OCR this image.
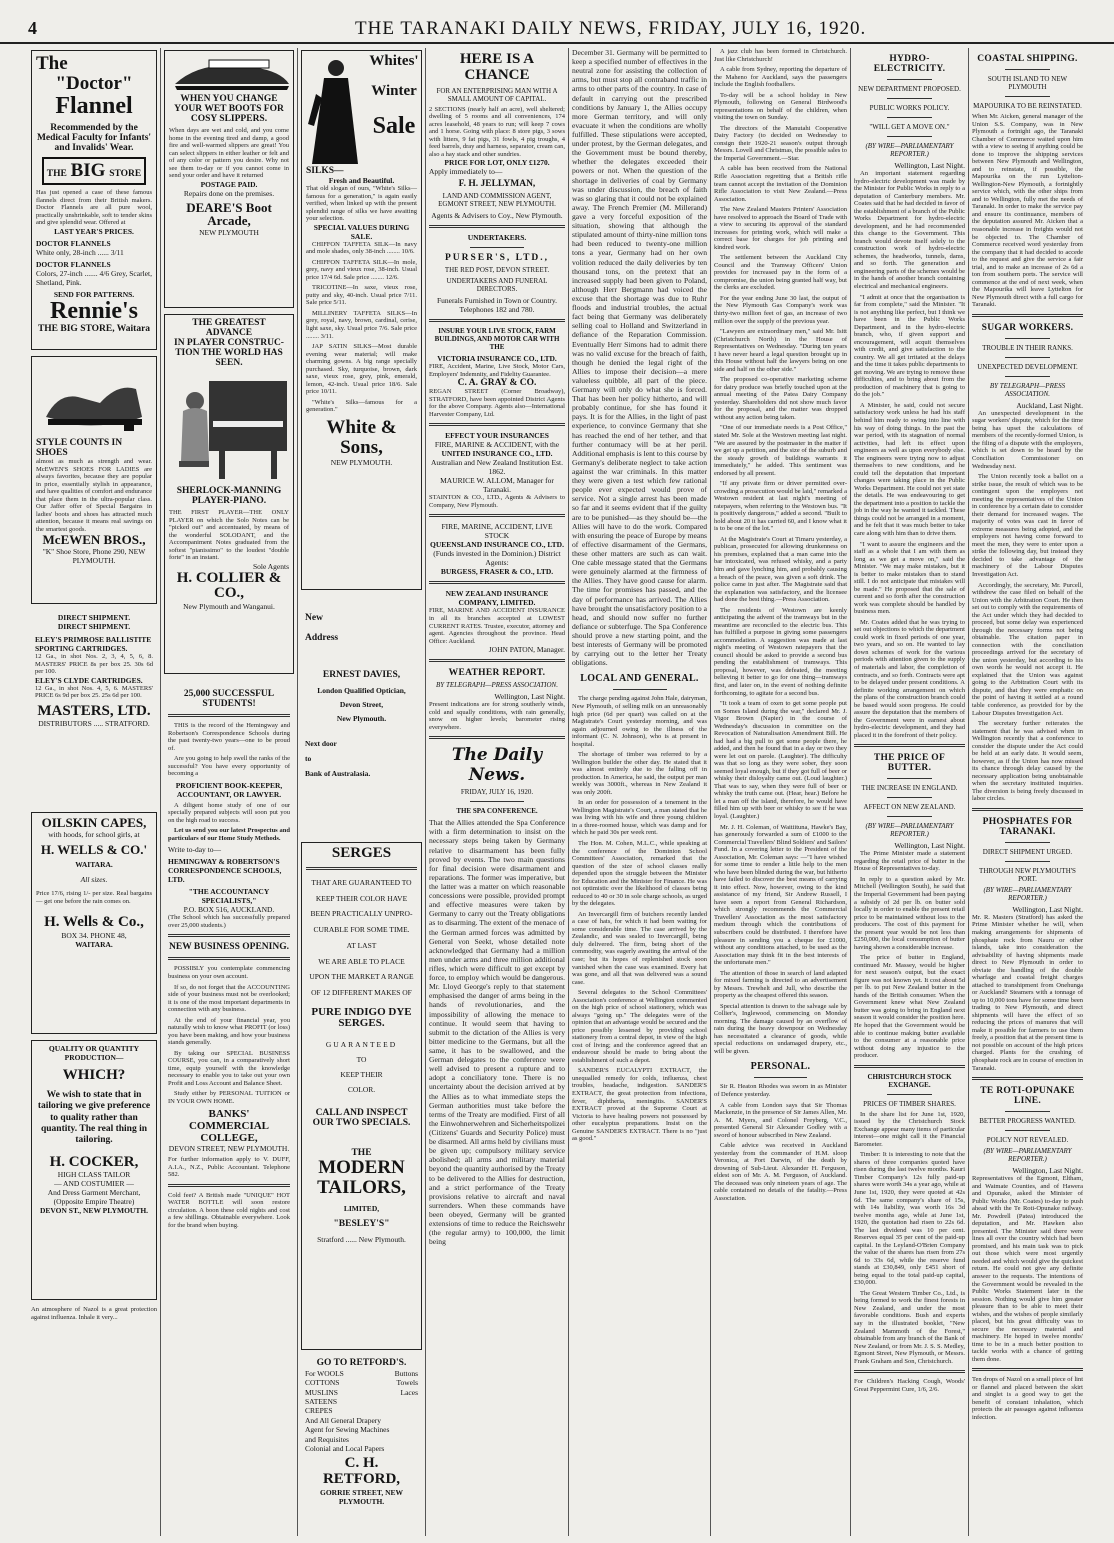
4	THE TARANAKI DAILY NEWS, FRIDAY, JULY 16, 1920.
The
"Doctor"
Flannel
Recommended by the Medical Faculty for Infants' and Invalids' Wear.
THE BIG STORE
Has just opened a case of these famous flannels direct from their British makers. Doctor Flannels are all pure wool, practically unshrinkable, soft to tender skins and give splendid wear. Offered at
LAST YEAR'S PRICES.
DOCTOR FLANNELS
White only, 28-inch ...... 3/11
DOCTOR FLANNELS
Colors, 27-inch ....... 4/6 Grey, Scarlet, Shetland, Pink.
SEND FOR PATTERNS.
Rennie's
THE BIG STORE, Waitara
STYLE COUNTS IN SHOES
almost as much as strength and wear. McEWEN'S SHOES FOR LADIES are always favorites, because they are popular in price, essentially stylish in appearance, and have qualities of comfort and endurance that place them in the ultra-popular class. Our Jaffer offer of Special Bargains in ladies' boots and shoes has attracted much attention, because it means real savings on the smartest goods.
McEWEN BROS.,
"K" Shoe Store, Phone 290, NEW PLYMOUTH.
DIRECT SHIPMENT.
DIRECT SHIPMENT.
ELEY'S PRIMROSE BALLISTITE SPORTING CARTRIDGES.
12 Ga., in shot Nos. 2, 3, 4, 5, 6, 8. MASTERS' PRICE 8s per box 25. 30s 6d per 100.
ELEY'S CLYDE CARTRIDGES.
12 Ga., in shot Nos. 4, 5, 6. MASTERS' PRICE 6s 9d per box 25. 25s 6d per 100.
MASTERS, LTD.
DISTRIBUTORS ..... STRATFORD.
OILSKIN CAPES,
with hoods, for school girls, at
H. WELLS & CO.'
WAITARA.
All sizes.
Price 17/6, rising 1/- per size. Real bargains — get one before the rain comes on.
H. Wells & Co.,
BOX 34. PHONE 48,
WAITARA.
QUALITY OR QUANTITY
PRODUCTION—
WHICH?
We wish to state that in tailoring we give preference to quality rather than quantity. The real thing in tailoring.
H. COCKER,
HIGH CLASS TAILOR
— AND COSTUMIER —
And Dress Garment Merchant, (Opposite Empire Theatre)
DEVON ST., NEW PLYMOUTH.
An atmosphere of Nazol is a great protection against influenza. Inhale it very...
WHEN YOU CHANGE
YOUR WET BOOTS FOR
COSY SLIPPERS.
When days are wet and cold, and you come home in the evening tired and damp, a good fire and well-warmed slippers are great! You can select slippers in either leather or felt and of any color or pattern you desire. Why not see them to-day or if you cannot come in send your order and have it returned
POSTAGE PAID.
Repairs done on the premises.
DEARE'S Boot Arcade,
NEW PLYMOUTH
THE GREATEST ADVANCE
IN PLAYER CONSTRUC-
TION THE WORLD HAS
SEEN.
SHERLOCK-MANNING PLAYER-PIANO.
THE FIRST PLAYER—THE ONLY PLAYER on which the Solo Notes can be "picked out" and accentuated, by means of the wonderful SOLODANT, and the Accompaniment Notes graduated from the softest "pianissimo" to the loudest "double forte" in an instant.
Sole Agents
H. COLLIER & CO.,
New Plymouth and Wanganui.
25,000 SUCCESSFUL
STUDENTS!

THIS is the record of the Hemingway and Robertson's Correspondence Schools during the past twenty-two years—one to be proud of.

Are you going to help swell the ranks of the successful? You have every opportunity of becoming a

PROFICIENT BOOK-KEEPER, ACCOUNTANT, OR LAWYER.

A diligent home study of one of our specially prepared subjects will soon put you on the high road to success.

Let us send you our latest Prospectus and particulars of our Home Study Methods.

Write to-day to—
HEMINGWAY & ROBERTSON'S CORRESPONDENCE SCHOOLS, LTD.
"THE ACCOUNTANCY SPECIALISTS,"
P.O. BOX 516, AUCKLAND.
(The School which has successfully prepared over 25,000 students.)
NEW BUSINESS OPENING.

POSSIBLY you contemplate commencing business on your own account.

If so, do not forget that the ACCOUNTING side of your business must not be overlooked; it is one of the most important departments in connection with any business.

At the end of your financial year, you naturally wish to know what PROFIT (or loss) you have been making, and how your business stands generally.

By taking our SPECIAL BUSINESS COURSE, you can, in a comparatively short time, equip yourself with the knowledge necessary to enable you to take out your own Profit and Loss Account and Balance Sheet.

Study either by PERSONAL TUITION or IN YOUR OWN HOME.

BANKS' COMMERCIAL COLLEGE,
DEVON STREET, NEW PLYMOUTH.
For further information apply to V. DUFF, A.I.A., N.Z., Public Accountant. Telephone 582.
Cold feet? A British made "UNIQUE" HOT WATER BOTTLE will soon restore circulation. A boon these cold nights and cost a few shillings. Obtainable everywhere. Look for the brand when buying.
Whites'
Winter
Sale
SILKS—
Fresh and Beautiful.
That old slogan of ours, "White's Silks—famous for a generation," is again easily verified, when linked up with the present splendid range of silks we have awaiting your selection.
SPECIAL VALUES DURING SALE.

CHIFFON TAFFETA SILK—In navy and mole shades, only 38-inch ........ 10/6.

CHIFFON TAFFETA SILK—In mole, grey, navy and vieux rose, 38-inch. Usual price 17/4 6d. Sale price ........ 12/6.

TRICOTINE—In saxe, vieux rose, putty and sky, 40-inch. Usual price 7/11. Sale price 5/11.

MILLINERY TAFFETA SILKS—In grey, royal, navy, brown, cardinal, cerise, light saxe, sky. Usual price 7/6. Sale price ........ 3/11.

JAP SATIN SILKS—Most durable evening wear material; will make charming gowns. A big range specially purchased. Sky, turquoise, brown, dark saxe, vieux rose, grey, pink, emerald, lemon, 42-inch. Usual price 18/6. Sale price 10/11.

"White's Silks—famous for a generation."

White & Sons,
NEW PLYMOUTH.
New
Address
ERNEST DAVIES,
London Qualified Optician,
Devon Street,
New Plymouth.
Next door
to
Bank of Australasia.
SERGES
THAT ARE GUARANTEED TO
KEEP THEIR COLOR HAVE
BEEN PRACTICALLY UNPRO-
CURABLE FOR SOME TIME.
AT LAST
WE ARE ABLE TO PLACE
UPON THE MARKET A RANGE
OF 12 DIFFERENT MAKES OF
PURE INDIGO DYE SERGES.
GUARANTEED
TO
KEEP THEIR
COLOR.
CALL AND INSPECT OUR TWO SPECIALS.
THE
MODERN
TAILORS,
LIMITED,
"BESLEY'S"
Stratford ...... New Plymouth.
GO TO RETFORD'S.
For WOOLS
COTTONS
MUSLINS
SATEENS
CREPES
And All General Drapery
Agent for Sewing Machines and Requisites
Colonial and Local Papers
Buttons
Towels
Laces
C. H. RETFORD,
GORRIE STREET, NEW PLYMOUTH.
HERE IS A CHANCE
FOR AN ENTERPRISING MAN WITH A SMALL AMOUNT OF CAPITAL.
2 SECTIONS (nearly half an acre), well sheltered; dwelling of 5 rooms and all conveniences, 174 acres leasehold, 48 years to run; will keep 7 cows and 1 horse. Going with place: 8 store pigs, 3 sows with litters, 9 fat pigs, 31 fowls, 4 pig troughs, 4 feed barrels, dray and harness, separator, cream can, also a hay stack and other sundries.
PRICE FOR LOT, ONLY £1270.
Apply immediately to—
F. H. JELLYMAN,
LAND AND COMMISSION AGENT, EGMONT STREET, NEW PLYMOUTH.
Agents & Advisers to Coy., New Plymouth.
UNDERTAKERS.
PURSER'S, LTD.,
THE RED POST, DEVON STREET.
UNDERTAKERS AND FUNERAL DIRECTORS.
Funerals Furnished in Town or Country. Telephones 182 and 780.
INSURE YOUR LIVE STOCK, FARM BUILDINGS, AND MOTOR CAR WITH THE
VICTORIA INSURANCE CO., LTD.
FIRE, Accident, Marine, Live Stock, Motor Cars, Employers' Indemnity, and Fidelity Guarantee.
C. A. GRAY & CO.
REGAN STREET (Corner Broadway), STRATFORD, have been appointed District Agents for the above Company. Agents also—International Harvester Company, Ltd.
EFFECT YOUR INSURANCES
FIRE, MARINE & ACCIDENT, with the
UNITED INSURANCE CO., LTD.
Australian and New Zealand Institution Est. 1862.
MAURICE W. ALLOM, Manager for Taranaki.
STAINTON & CO., LTD., Agents & Advisers to Company, New Plymouth.
FIRE, MARINE, ACCIDENT, LIVE STOCK
QUEENSLAND INSURANCE CO., LTD.
(Funds invested in the Dominion.) District Agents:
BURGESS, FRASER & CO., LTD.
NEW ZEALAND INSURANCE COMPANY, LIMITED.
FIRE, MARINE AND ACCIDENT INSURANCE in all its branches accepted at LOWEST CURRENT RATES. Trustee, executor, attorney and agent. Agencies throughout the province. Head Office: Auckland.
JOHN PATON, Manager.
WEATHER REPORT.
BY TELEGRAPH—PRESS ASSOCIATION.
Wellington, Last Night.
Present indications are for strong southerly winds, cold and squally conditions, with rain generally, snow on higher levels; barometer rising everywhere.
The Daily News.
FRIDAY, JULY 16, 1920.
THE SPA CONFERENCE.
That the Allies attended the Spa Conference with a firm determination to insist on the necessary steps being taken by Germany relative to disarmament has been fully proved by events. The two main questions for final decision were disarmament and reparations. The former was imperative, but the latter was a matter on which reasonable concessions were possible, provided prompt and effective measures were taken by Germany to carry out the Treaty obligations as to disarming. The extent of the menace of the German armed forces was admitted by General von Seekt, whose detailed note acknowledged that Germany had a million men under arms and three million additional rifles, which were difficult to get except by force, to employ which would be dangerous. Mr. Lloyd George's reply to that statement emphasised the danger of arms being in the hands of revolutionaries, and the impossibility of allowing the menace to continue. It would seem that having to submit to the dictation of the Allies is very bitter medicine to the Germans, but all the same, it has to be swallowed, and the German delegates to the conference were well advised to present a rupture and to adopt a conciliatory tone. There is no uncertainty about the decision arrived at by the Allies as to what immediate steps the German authorities must take before the terms of the Treaty are modified. First of all the Einwohnerwehren and Sicherheitspolizei (Citizens' Guards and Security Police) must be disarmed. All arms held by civilians must be given up; compulsory military service abolished; all arms and military material beyond the quantity authorised by the Treaty to be delivered to the Allies for destruction, and a strict performance of the Treaty provisions relative to aircraft and naval surrenders. When these commands have been obeyed, Germany will be granted extensions of time to reduce the Reichswehr (the regular army) to 100,000, the limit being
December 31. Germany will be permitted to keep a specified number of effectives in the neutral zone for assisting the collection of arms, but must stop all contraband traffic in arms to other parts of the country. In case of default in carrying out the prescribed conditions by January 1, the Allies occupy more German territory, and will only evacuate it when the conditions are wholly fulfilled. These stipulations were accepted, under protest, by the German delegates, and the Government must be bound thereby, whether the delegates exceeded their powers or not. When the question of the shortage in deliveries of coal by Germany was under discussion, the breach of faith was so glaring that it could not be explained away. The French Premier (M. Millerand) gave a very forceful exposition of the situation, showing that although the stipulated amount of thirty-nine million tons had been reduced to twenty-one million tons a year, Germany had on her own volition reduced the daily deliveries by ten thousand tons, on the pretext that an increased supply had been given to Poland, although Herr Bergmann had voiced the excuse that the shortage was due to Ruhr floods and industrial troubles, the actual fact being that Germany was deliberately selling coal to Holland and Switzerland in defiance of the Reparation Commission. Eventually Herr Simons had to admit there was no valid excuse for the breach of faith, though he denied the legal right of the Allies to impose their decision—a mere valueless quibble, all part of the piece. Germany will only do what she is forced. That has been her policy hitherto, and will probably continue, for she has found it pays. It is for the Allies, in the light of past experience, to convince Germany that she has reached the end of her tether, and that further contumacy will be at her peril. Additional emphasis is lent to this course by Germany's deliberate neglect to take action against the war criminals. In this matter they were given a test which few rational people ever expected would prove of service. Not a single arrest has been made so far and it seems evident that if the guilty are to be punished—as they should be—the Allies will have to do the work. Compared with ensuring the peace of Europe by means of effective disarmament of the Germans, these other matters are such as can wait. One cable message stated that the Germans were genuinely alarmed at the firmness of the Allies. They have good cause for alarm. The time for promises has passed, and the day of performance has arrived. The Allies have brought the unsatisfactory position to a head, and should now suffer no further defiance or subterfuge. The Spa Conference should prove a new starting point, and the best interests of Germany will be promoted by carrying out to the letter her Treaty obligations.
LOCAL AND GENERAL.

The charge pending against John Hale, dairyman, New Plymouth, of selling milk on an unreasonably high price (6d per quart) was called on at the Magistrate's Court yesterday morning, and was again adjourned owing to the illness of the informant (C. N. Johnson), who is at present in hospital.

The shortage of timber was referred to by a Wellington builder the other day. He stated that it was almost entirely due to the falling off in production. In America, he said, the output per man weekly was 3000ft., whereas in New Zealand it was only 200ft.

In an order for possession of a tenement in the Wellington Magistrate's Court, a man stated that he was living with his wife and three young children in a three-roomed house, which was damp and for which he paid 30s per week rent.

The Hon. M. Cohen, M.L.C., while speaking at the conference of the Dominion School Committees' Association, remarked that the question of the size of school classes really depended upon the struggle between the Minister for Education and the Minister for Finance. He was not optimistic over the likelihood of classes being reduced to 40 or 30 in sole charge schools, as urged by the delegates.

An Invercargill firm of butchers recently landed a case of hats, for which it had been waiting for some considerable time. The case arrived by the Zealandic, and was sealed to Invercargill, being duly delivered. The firm, being short of the commodity, was eagerly awaiting the arrival of the case; but its hopes of replenished stock soon vanished when the case was examined. Every hat was gone, and all that was delivered was a sound case.

Several delegates to the School Committees' Association's conference at Wellington commented on the high price of school stationery, which was always "going up." The delegates were of the opinion that an advantage would be secured and the price possibly lessened by providing school stationery from a central depot, in view of the high cost of living; and the conference agreed that an endeavour should be made to bring about the establishment of such a depot.

SANDER'S EUCALYPTI EXTRACT, the unequalled remedy for colds, influenza, chest troubles, headache, indigestion. SANDER'S EXTRACT, the great protection from infections, fever, diphtheria, meningitis. SANDER'S EXTRACT proved at the Supreme Court at Victoria to have healing powers not possessed by other eucalyptus preparations. Insist on the Genuine SANDER'S EXTRACT. There is no "just as good."

A jazz club has been formed in Christchurch. Just like Christchurch!

A cable from Sydney, reporting the departure of the Maheno for Auckland, says the passengers include the English footballers.

To-day will be a school holiday in New Plymouth, following on General Birdwood's representations on behalf of the children, when visiting the town on Sunday.

The directors of the Manutahi Cooperative Dairy Factory (to decided on Wednesday to consign their 1920-21 season's output through Messrs. Lovell and Christmas, the possible sales to the Imperial Government.—Star.

A cable has been received from the National Rifle Association regretting that a British rifle team cannot accept the invitation of the Dominion Rifle Association to visit New Zealand.—Press Association.

The New Zealand Masters Printers' Association have resolved to approach the Board of Trade with a view to securing its approval of the standard increases for printing work, which will make a correct base for charges for job printing and kindred work.

The settlement between the Auckland City Council and the Tramway Officers' Union provides for increased pay in the form of a compromise, the union being granted half way, but the clerks are excluded.

For the year ending June 30 last, the output of the New Plymouth Gas Company's work was thirty-two million feet of gas, an increase of two million over the supply of the previous year.

"Lawyers are extraordinary men," said Mr. Isitt (Christchurch North) in the House of Representatives on Wednesday. "During ten years I have never heard a legal question brought up in this House without half the lawyers being on one side and half on the other side."

The proposed co-operative marketing scheme for dairy produce was briefly touched upon at the annual meeting of the Patea Dairy Company yesterday. Shareholders did not show much favor for the proposal, and the matter was dropped without any action being taken.

"One of our immediate needs is a Post Office," stated Mr. Sole at the Westown meeting last night. "We are assured by the postmaster in the matter if we get up a petition, and the size of the suburb and the steady growth of buildings warrants it immediately," he added. This sentiment was endorsed by all present.

"If any private firm or driver permitted over-crowding a prosecution would be laid," remarked a Westown resident at last night's meeting of ratepayers, when referring to the Westown bus. "It is positively dangerous," added a second. "Built to hold about 20 it has carried 60, and I know what it is to be one of the lot."

At the Magistrate's Court at Timaru yesterday, a publican, prosecuted for allowing drunkenness on his premises, explained that a man came into the bar intoxicated, was refused whisky, and a party him and gave lynching him, and probably causing a breach of the peace, was given a soft drink. The police came in just after. The Magistrate said that the explanation was satisfactory, and the licensee had done the best thing.—Press Association.

The residents of Westown are keenly anticipating the advent of the tramways but in the meantime are reconciled to the electric bus. This has fulfilled a purpose in giving some passengers accommodation. A suggestion was made at last night's meeting of Westown ratepayers that the council should be asked to provide a second bus pending the establishment of tramways. This proposal, however, was defeated, the meeting believing it better to go for one thing—tramways first, and later on, in the event of nothing definite forthcoming, to agitate for a second bus.

"It took a team of oxen to get some people put on Somes Island during the war," declared Mr. J. Vigor Brown (Napier) in the course of Wednesday's discussion in committee on the Revocation of Naturalisation Amendment Bill. He had had a big pull to get some people there, he added, and then he found that in a day or two they were let out on parole. (Laughter). The difficulty was that so long as they were sober, they soon seemed loyal enough, but if they got full of beer or whisky their disloyalty came out. (Loud laughter.) That was to say, when they were full of beer or whisky the truth came out. (Hear, hear.) Before he let a man off the island, therefore, he would have filled him up with beer or whisky to see if he was loyal. (Laughter.)

Mr. J. H. Coleman, of Waitiituna, Hawke's Bay, has generously forwarded a sum of £1000 to the Commercial Travellers' Blind Soldiers' and Sailors' Fund. In a covering letter to the President of the Association, Mr. Coleman says: —"I have wished for some time to render a little help to the men who have been blinded during the war, but hitherto have failed to discover the best means of carrying it into effect. Now, however, owing to the kind assistance of my friend, Sir Andrew Russell, I have seen a report from General Richardson, which strongly recommends the Commercial Travellers' Association as the most satisfactory medium through which the contributions of subscribers could be distributed. I therefore have pleasure in sending you a cheque for £1000, without any conditions attached, to be used as the Association may think fit in the best interests of the unfortunate men."

The attention of those in search of land adapted for mixed farming is directed to an advertisement by Messrs. Trewhelt and Jull, who describe the property as the cheapest offered this season.

Special attention is drawn to the salvage sale by Collier's, Inglewood, commencing on Monday morning. The damage caused by an overflow of rain during the heavy downpour on Wednesday has necessitated a clearance of goods, while special reductions on undamaged drapery, etc., will be given.

PERSONAL.

Sir R. Heaton Rhodes was sworn in as Minister of Defence yesterday.

A cable from London says that Sir Thomas Mackenzie, in the presence of Sir James Allen, Mr. A. M. Myers, and Colonel Freyberg, V.C., presented General Sir Alexander Godley with a sword of honour subscribed in New Zealand.

Cable advice was received in Auckland yesterday from the commander of H.M. sloop Veronica, at Port Darwin, of the death by drowning of Sub-Lieut. Alexander H. Ferguson, eldest son of Mr. A. M. Ferguson, of Auckland. The deceased was only nineteen years of age. The cable contained no details of the fatality.—Press Association.

HYDRO-ELECTRICITY.
NEW DEPARTMENT PROPOSED.
PUBLIC WORKS POLICY.
"WILL GET A MOVE ON."
(BY WIRE—PARLIAMENTARY REPORTER.)
Wellington, Last Night.

An important statement regarding hydro-electric development was made by the Minister for Public Works in reply to a deputation of Canterbury members. Mr. Coates said that he had decided in favor of the establishment of a branch of the Public Works Department for hydro-electric development, and he had recommended this change to the Government. This branch would devote itself solely to the construction work of hydro-electric schemes, the headworks, tunnels, dams, and so forth. The generation and engineering parts of the schemes would be in the hands of another branch containing electrical and mechanical engineers.

"I admit at once that the organisation is far from complete," said the Minister. "It is not anything like perfect, but I think we have been in the Public Works Department, and in the hydro-electric branch, who, if given support and encouragement, will acquit themselves with credit, and give satisfaction to the country. We all get irritated at the delays and the time it takes public departments to get moving. We are trying to remove these difficulties, and to bring about from the production of machinery that is going to do the job."

A Minister, he said, could not secure satisfactory work unless he had his staff behind him ready to swing into line with his way of doing things. In the past the war period, with its stagnation of normal activities, had left its effect upon engineers as well as upon everybody else. The engineers were trying now to adjust themselves to new conditions, and he could tell the deputation that important changes were taking place in the Public Works Department. He could not yet state the details. He was endeavouring to get the department into a position to tackle the job in the way he wanted it tackled. These things could not be arranged in a moment, and he felt that it was much better to take care along with him than to drive them.

"I want to assure the engineers and the staff as a whole that I am with them as long as we get a move on," said the Minister. "We may make mistakes, but it is better to make mistakes than to stand still. I do not anticipate that mistakes will be made." He proposed that the sale of current and so forth after the construction work was complete should be handled by business men.

Mr. Coates added that he was trying to set out objections to which the department could work in fixed periods of one year, two years, and so on. He wanted to lay down schemes of work for the various periods with attention given to the supply of materials and labor, the completion of contracts, and so forth. Contracts were apt to be delayed under present conditions. A definite working arrangement on which the plans of the construction branch could be based would soon progress. He could assure the deputation that the members of the Government were in earnest about hydro-electric development, and they had placed it in the forefront of their policy.

THE PRICE OF BUTTER.
THE INCREASE IN ENGLAND.
AFFECT ON NEW ZEALAND.
(BY WIRE—PARLIAMENTARY REPORTER.)
Wellington, Last Night.

The Prime Minister made a statement regarding the retail price of butter in the House of Representatives to-day.

In reply to a question asked by Mr. Mitchell (Wellington South), he said that the Imperial Government had been paying a subsidy of 2d per lb. on butter sold locally in order to enable the present retail price to be maintained without loss to the producers. The cost of this payment for the present year would be not less than £250,000, the local consumption of butter having shown a considerable increase.

The price of butter in England, continued Mr. Massey, would be higher for next season's output, but the exact figure was not known yet. It cost about 5d per lb. to put New Zealand butter in the hands of the British consumer. When the Government knew what New Zealand butter was going to bring in England next season it would consider the position here. He hoped that the Government would be able to continue making butter available to the consumer at a reasonable price without doing any injustice to the producer.

CHRISTCHURCH STOCK EXCHANGE.
PRICES OF TIMBER SHARES.

In the share list for June 1st, 1920, issued by the Christchurch Stock Exchange appear many items of particular interest—one might call it the Financial Barometer.

Timber: It is interesting to note that the shares of three companies quoted have risen during the last twelve months. Kauri Timber Company's 12s fully paid-up shares were worth 34s a year ago, while at June 1st, 1920, they were quoted at 42s 6d. The same company's share of 15s, with 14s liability, was worth 16s 3d twelve months ago, while at June 1st, 1920, the quotation had risen to 22s 6d. The last dividend was 10 per cent. Reserves equal 35 per cent of the paid-up capital. In the Leyland-O'Brien Company the value of the shares has risen from 27s 6d to 33s 6d, while the reserve fund stands at £30,849, only £451 short of being equal to the total paid-up capital, £30,000.

The Great Western Timber Co., Ltd., is being formed to work the finest forests in New Zealand, and under the most favorable conditions. Bush and experts say in the illustrated booklet, "New Zealand Mammoth of the Forest," obtainable from any branch of the Bank of New Zealand, or from Mr. J. S. S. Medley, Egmont Street, New Plymouth, or Messrs. Frank Graham and Son, Christchurch.

For Children's Hacking Cough, Woods' Great Peppermint Cure, 1/6, 2/6.
COASTAL SHIPPING.
SOUTH ISLAND TO NEW PLYMOUTH
MAPOURIKA TO BE REINSTATED.
When Mr. Aicken, general manager of the Union S.S. Company, was in New Plymouth a fortnight ago, the Taranaki Chamber of Commerce waited upon him with a view to seeing if anything could be done to improve the shipping services between New Plymouth and Wellington, and to reinstate, if possible, the Mapourika on the run Lyttelton-Wellington-New Plymouth, a fortnightly service which, with the other ships from and to Wellington, fully met the needs of Taranaki. In order to make the service pay and ensure its continuance, members of the deputation assured Mr. Aicken that a reasonable increase in freights would not be objected to. The Chamber of Commerce received word yesterday from the company that it had decided to accede to the request and give the service a fair trial, and to make an increase of 2s 6d a ton from southern ports. The service will commence at the end of next week, when the Mapourika will leave Lyttelton for New Plymouth direct with a full cargo for Taranaki.
SUGAR WORKERS.
TROUBLE IN THEIR RANKS.
UNEXPECTED DEVELOPMENT.
BY TELEGRAPH—PRESS ASSOCIATION.
Auckland, Last Night.

An unexpected development in the sugar workers' dispute, which for the time being has upset the calculations of members of the recently-formed Union, is the filing of a dispute with the employers, which is set down to be heard by the Conciliation Commissioner on Wednesday next.

The Union recently took a ballot on a strike issue, the result of which was to be contingent upon the employers not meeting the representatives of the Union in conference by a certain date to consider their demand for increased wages. The majority of votes was cast in favor of extreme measures being adopted, and the employers not having come forward to meet the men, they were to enter upon a strike the following day, but instead they decided to take advantage of the machinery of the Labour Disputes Investigation Act.

Accordingly, the secretary, Mr. Purcell, withdrew the case filed on behalf of the Union with the Arbitration Court. He then set out to comply with the requirements of the Act under which they had decided to proceed, but some delay was experienced through the necessary forms not being obtainable. The citation paper in connection with the conciliation proceedings arrived for the secretary of the union yesterday, but according to his own words he would not accept it. He explained that the Union was against going to the Arbitration Court with its dispute, and that they were emphatic on the point of having it settled at a round table conference, as provided for by the Labour Disputes Investigation Act.

The secretary further reiterates the statement that he was advised when in Wellington recently that a conference to consider the dispute under the Act could be held at an early date. It would seem, however, as if the Union has now missed its chance through delay caused by the necessary application being unobtainable when the secretary instituted inquiries. The diversion is being freely discussed in labor circles.

PHOSPHATES FOR TARANAKI.
DIRECT SHIPMENT URGED.
THROUGH NEW PLYMOUTH'S PORT.
(BY WIRE—PARLIAMENTARY REPORTER.)
Wellington, Last Night.
Mr. R. Masters (Stratford) has asked the Prime Minister whether he will, when making arrangements for shipments of phosphate rock from Nauru or other islands, take into consideration the advisability of having shipments made direct to New Plymouth in order to obviate the handling of the double wharfage and coastal freight charges attached to transhipment from Onehunga or Auckland? Steamers with a tonnage of up to 10,000 tons have for some time been trading to New Plymouth, and direct shipments will have the effect of so reducing the prices of manures that will make it possible for farmers to use them freely, a position that at the present time is not possible on account of the high prices charged. Plants for the crushing of phosphate rock are in course of erection in Taranaki.
TE ROTI-OPUNAKE LINE.
BETTER PROGRESS WANTED.
POLICY NOT REVEALED.
(BY WIRE—PARLIAMENTARY REPORTER.)
Wellington, Last Night.
Representatives of the Egmont, Eltham, and Waimate Counties, and of Hawera and Opunake, asked the Minister of Public Works (Mr. Coates) to-day to push ahead with the Te Roti-Opunake railway. Mr. Powdrell (Patea) introduced the deputation, and Mr. Hawken also presented. The Minister said there were lines all over the country which had been promised, and his main task was to pick out those which were most urgently needed and which would give the quickest return. He could not give any definite answer to the requests. The intentions of the Government would be revealed in the Public Works Statement later in the session. Nothing would give him greater pleasure than to be able to meet their wishes, and the wishes of people similarly placed, but his great difficulty was to secure the necessary material and machinery. He hoped in twelve months' time to be in a much better position to tackle works with a chance of getting them done.
Ten drops of Nazol on a small piece of lint or flannel and placed between the skirt and singlet is a good way to get the benefit of constant inhalation, which protects the air passages against influenza infection.
